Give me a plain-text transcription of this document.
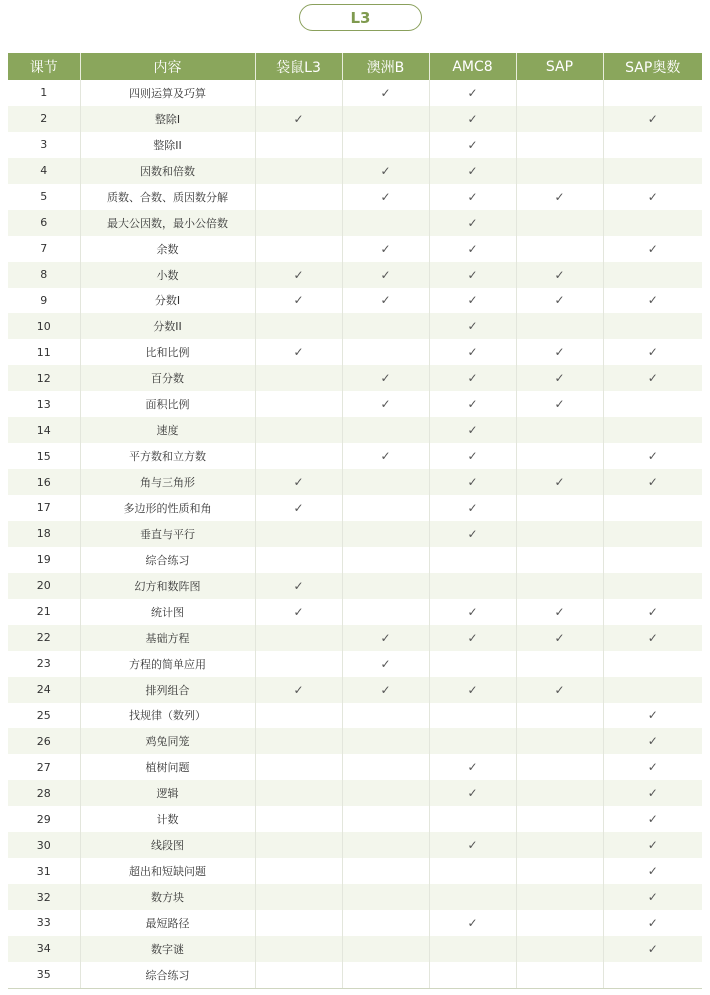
L3
课节	内容	袋鼠L3	澳洲B	AMC8	SAP	SAP奥数
1	四则运算及巧算		✓	✓		
2	整除I	✓		✓		✓
3	整除II			✓		
4	因数和倍数		✓	✓		
5	质数、合数、质因数分解		✓	✓	✓	✓
6	最大公因数，最小公倍数			✓		
7	余数		✓	✓		✓
8	小数	✓	✓	✓	✓	
9	分数I	✓	✓	✓	✓	✓
10	分数II			✓		
11	比和比例	✓		✓	✓	✓
12	百分数		✓	✓	✓	✓
13	面积比例		✓	✓	✓	
14	速度			✓		
15	平方数和立方数		✓	✓		✓
16	角与三角形	✓		✓	✓	✓
17	多边形的性质和角	✓		✓		
18	垂直与平行			✓		
19	综合练习					
20	幻方和数阵图	✓				
21	统计图	✓		✓	✓	✓
22	基础方程		✓	✓	✓	✓
23	方程的简单应用		✓			
24	排列组合	✓	✓	✓	✓	
25	找规律（数列）					✓
26	鸡兔同笼					✓
27	植树问题			✓		✓
28	逻辑			✓		✓
29	计数					✓
30	线段图			✓		✓
31	超出和短缺问题					✓
32	数方块					✓
33	最短路径			✓		✓
34	数字谜					✓
35	综合练习					
